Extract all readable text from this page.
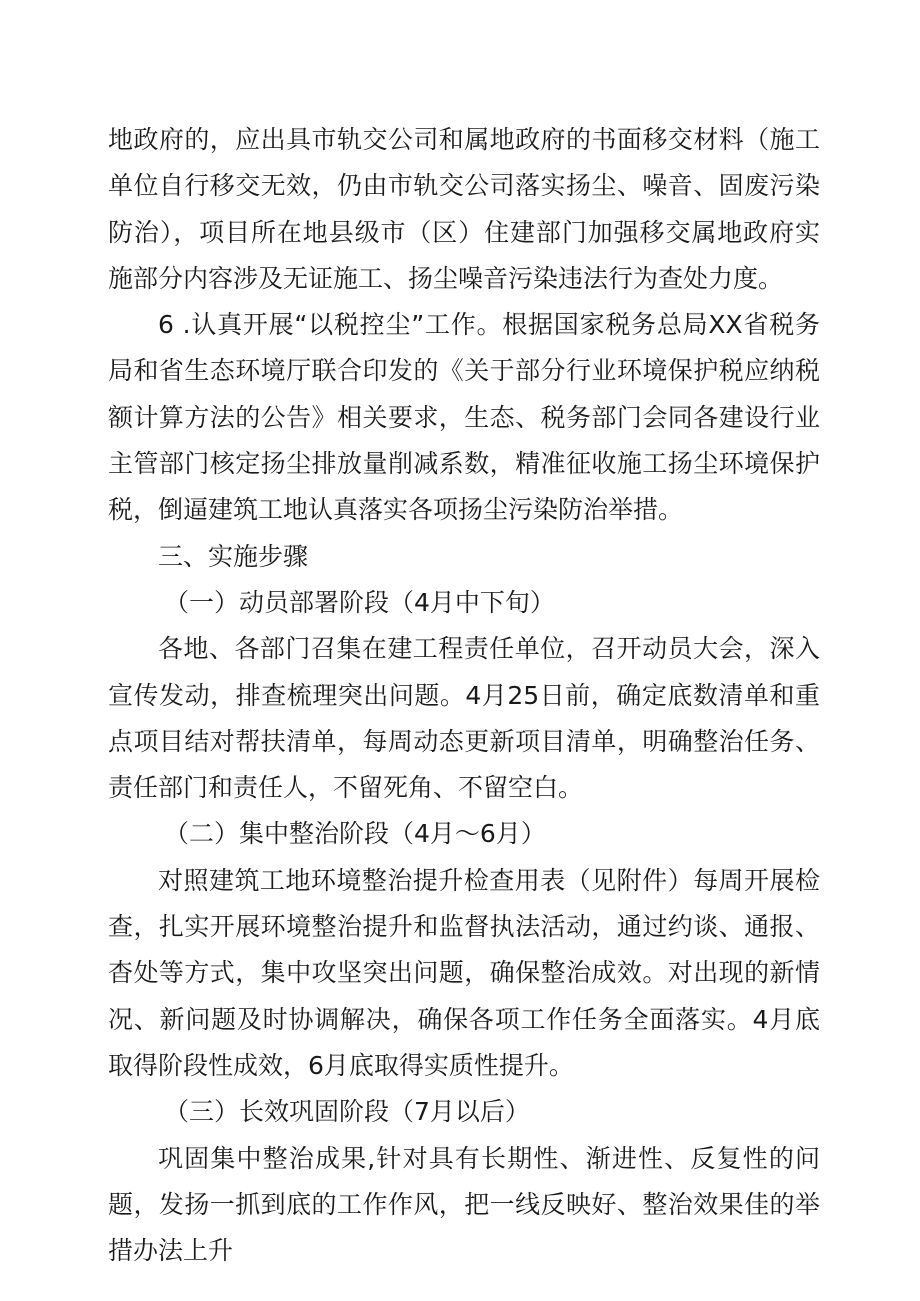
地政府的，应出具市轨交公司和属地政府的书面移交材料（施工单位自行移交无效，仍由市轨交公司落实扬尘、噪音、固废污染防治），项目所在地县级市（区）住建部门加强移交属地政府实施部分内容涉及无证施工、扬尘噪音污染违法行为查处力度。

6 .认真开展“以税控尘”工作。根据国家税务总局XX省税务局和省生态环境厅联合印发的《关于部分行业环境保护税应纳税额计算方法的公告》相关要求，生态、税务部门会同各建设行业主管部门核定扬尘排放量削减系数，精准征收施工扬尘环境保护税，倒逼建筑工地认真落实各项扬尘污染防治举措。

三、实施步骤

（一）动员部署阶段（4月中下旬）

各地、各部门召集在建工程责任单位，召开动员大会，深入宣传发动，排查梳理突出问题。4月25日前，确定底数清单和重点项目结对帮扶清单，每周动态更新项目清单，明确整治任务、责任部门和责任人，不留死角、不留空白。

（二）集中整治阶段（4月～6月）

对照建筑工地环境整治提升检查用表（见附件）每周开展检查，扎实开展环境整治提升和监督执法活动，通过约谈、通报、杳处等方式，集中攻坚突出问题，确保整治成效。对出现的新情况、新问题及时协调解决，确保各项工作任务全面落实。4月底取得阶段性成效，6月底取得实质性提升。

（三）长效巩固阶段（7月以后）

巩固集中整治成果,针对具有长期性、渐进性、反复性的问题，发扬一抓到底的工作作风，把一线反映好、整治效果佳的举措办法上升
